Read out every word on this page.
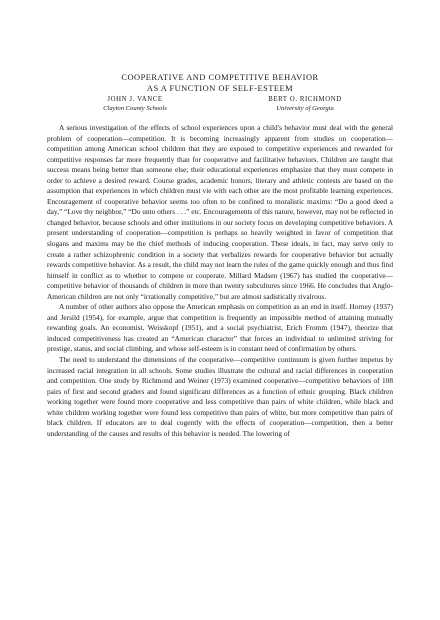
COOPERATIVE AND COMPETITIVE BEHAVIOR
AS A FUNCTION OF SELF-ESTEEM
JOHN J. VANCE
Clayton County Schools
BERT O. RICHMOND
University of Georgia

A serious investigation of the effects of school experiences upon a child's behavior must deal with the general problem of cooperation—competition. It is becoming increasingly apparent from studies on cooperation—competition among American school children that they are exposed to competitive experiences and rewarded for competitive responses far more frequently than for cooperative and facilitative behaviors. Children are taught that success means being better than someone else; their educational experiences emphasize that they must compete in order to achieve a desired reward. Course grades, academic honors, literary and athletic contests are based on the assumption that experiences in which children must vie with each other are the most profitable learning experiences. Encouragement of cooperative behavior seems too often to be confined to moralistic maxims: “Do a good deed a day,” “Love thy neighbor,” “Do unto others . . .” etc. Encouragements of this nature, however, may not be reflected in changed behavior, because schools and other institutions in our society focus on developing competitive behaviors. A present understanding of cooperation—competition is perhaps so heavily weighted in favor of competition that slogans and maxims may be the chief methods of inducing cooperation. These ideals, in fact, may serve only to create a rather schizophrenic condition in a society that verbalizes rewards for cooperative behavior but actually rewards competitive behavior. As a result, the child may not learn the rules of the game quickly enough and thus find himself in conflict as to whether to compete or cooperate. Millard Madsen (1967) has studied the cooperative—competitive behavior of thousands of children in more than twenty subcultures since 1966. He concludes that Anglo-American children are not only “irrationally competitive,” but are almost sadistically rivalrous.

A number of other authors also oppose the American emphasis on competition as an end in itself. Horney (1937) and Jersild (1954), for example, argue that competition is frequently an impossible method of attaining mutually rewarding goals. An economist, Weisskopf (1951), and a social psychiatrist, Erich Fromm (1947), theorize that induced competitiveness has created an “American character” that forces an individual to unlimited striving for prestige, status, and social climbing, and whose self-esteem is in constant need of confirmation by others.

The need to understand the dimensions of the cooperative—competitive continuum is given further impetus by increased racial integration in all schools. Some studies illustrate the cultural and racial differences in cooperation and competition. One study by Richmond and Weiner (1973) examined cooperative—competitive behaviors of 108 pairs of first and second graders and found significant differences as a function of ethnic grouping. Black children working together were found more cooperative and less competitive than pairs of white children, while black and white children working together were found less competitive than pairs of white, but more competitive than pairs of black children. If educators are to deal cogently with the effects of cooperation—competition, then a better understanding of the causes and results of this behavior is needed. The lowering of
